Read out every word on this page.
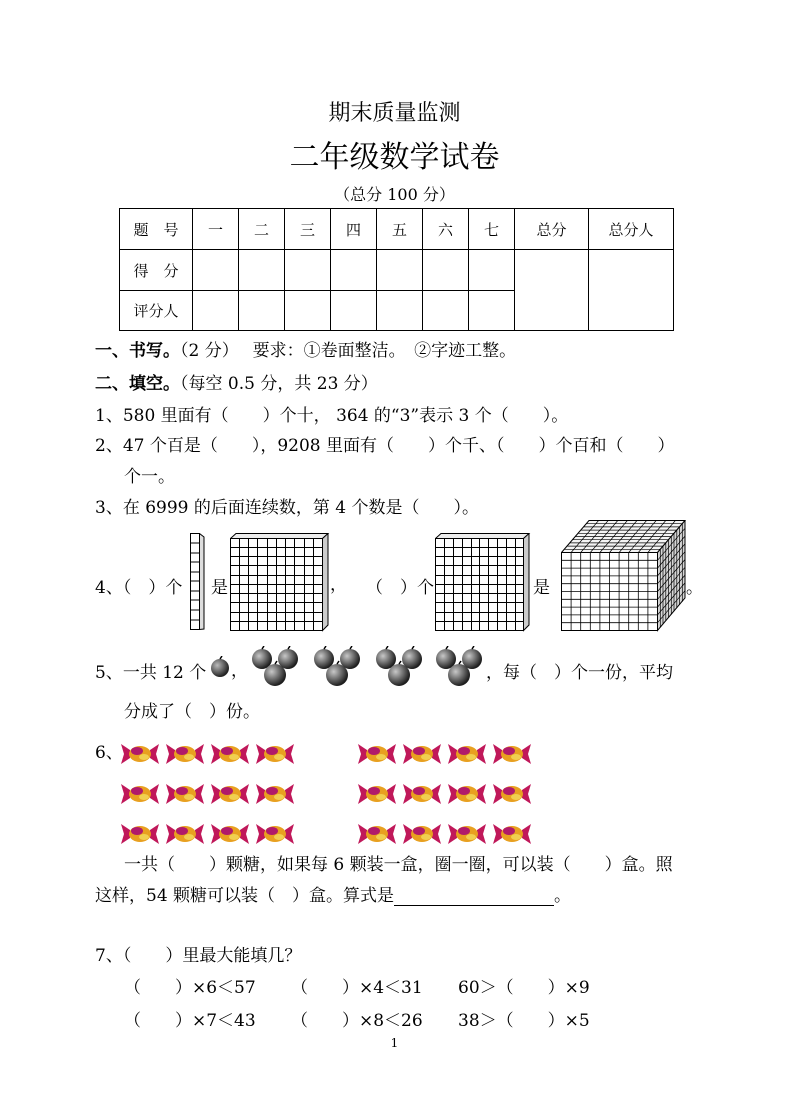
期末质量监测
二年级数学试卷
（总分 100 分）
题　号	一	二	三	四	五	六	七	总分	总分人
得　分									
评分人									
一、书写。（2 分）　 要求：①卷面整洁。　②字迹工整。
二、填空。（每空 0.5 分，共 23 分）
1、580 里面有（　　）个十， 364 的“3”表示 3 个（　　）。
2、47 个百是（　　），9208 里面有（　　）个千、（　　）个百和（　　）
个一。
3、在 6999 的后面连续数，第 4 个数是（　　）。
4、（　）个 是	， （　）个	是	。
5、一共 12 个 ，	，每（　）个一份，平均
分成了（　）份。
6、
一共（　　）颗糖，如果每 6 颗装一盒，圈一圈，可以装（　　）盒。照
这样，54 颗糖可以装（　）盒。算式是	。
7、（　　）里最大能填几？
（　　）×6＜57 （　　）×4＜31 60＞（　　）×9
（　　）×7＜43 （　　）×8＜26 38＞（　　）×5
1
